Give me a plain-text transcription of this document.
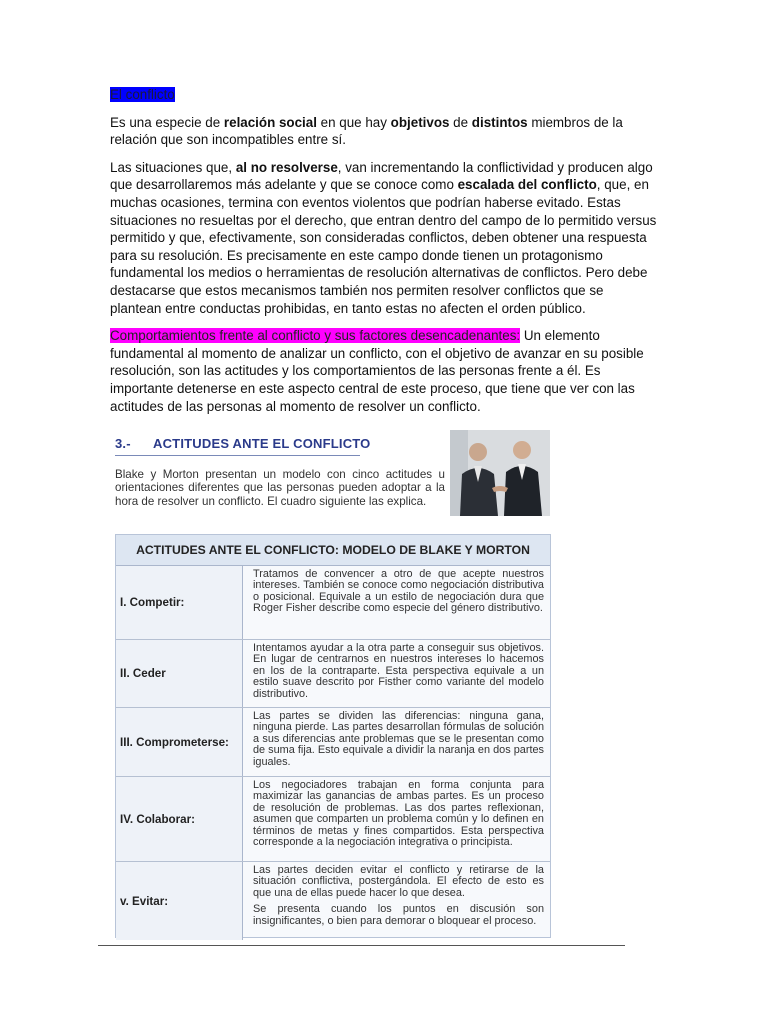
El conflicto

Es una especie de relación social en que hay objetivos de distintos miembros de la relación que son incompatibles entre sí.

Las situaciones que, al no resolverse, van incrementando la conflictividad y producen algo que desarrollaremos más adelante y que se conoce como escalada del conflicto, que, en muchas ocasiones, termina con eventos violentos que podrían haberse evitado. Estas situaciones no resueltas por el derecho, que entran dentro del campo de lo permitido versus permitido y que, efectivamente, son consideradas conflictos, deben obtener una respuesta para su resolución. Es precisamente en este campo donde tienen un protagonismo fundamental los medios o herramientas de resolución alternativas de conflictos. Pero debe destacarse que estos mecanismos también nos permiten resolver conflictos que se plantean entre conductas prohibidas, en tanto estas no afecten el orden público.

Comportamientos frente al conflicto y sus factores desencadenantes: Un elemento fundamental al momento de analizar un conflicto, con el objetivo de avanzar en su posible resolución, son las actitudes y los comportamientos de las personas frente a él. Es importante detenerse en este aspecto central de este proceso, que tiene que ver con las actitudes de las personas al momento de resolver un conflicto.

3.- ACTITUDES ANTE EL CONFLICTO
Blake y Morton presentan un modelo con cinco actitudes u orientaciones diferentes que las personas pueden adoptar a la hora de resolver un conflicto. El cuadro siguiente las explica.
ACTITUDES ANTE EL CONFLICTO: MODELO DE BLAKE Y MORTON
I. Competir:
Tratamos de convencer a otro de que acepte nuestros intereses. También se conoce como negociación distributiva o posicional. Equivale a un estilo de negociación dura que Roger Fisher describe como especie del género distributivo.
II. Ceder
Intentamos ayudar a la otra parte a conseguir sus objetivos. En lugar de centrarnos en nuestros intereses lo hacemos en los de la contraparte. Esta perspectiva equivale a un estilo suave descrito por Fisther como variante del modelo distributivo.
III. Comprometerse:
Las partes se dividen las diferencias: ninguna gana, ninguna pierde. Las partes desarrollan fórmulas de solución a sus diferencias ante problemas que se le presentan como de suma fija. Esto equivale a dividir la naranja en dos partes iguales.
IV. Colaborar:
Los negociadores trabajan en forma conjunta para maximizar las ganancias de ambas partes. Es un proceso de resolución de problemas. Las dos partes reflexionan, asumen que comparten un problema común y lo definen en términos de metas y fines compartidos. Esta perspectiva corresponde a la negociación integrativa o principista.
v. Evitar:
Las partes deciden evitar el conflicto y retirarse de la situación conflictiva, postergándola. El efecto de esto es que una de ellas puede hacer lo que desea.
Se presenta cuando los puntos en discusión son insignificantes, o bien para demorar o bloquear el proceso.
